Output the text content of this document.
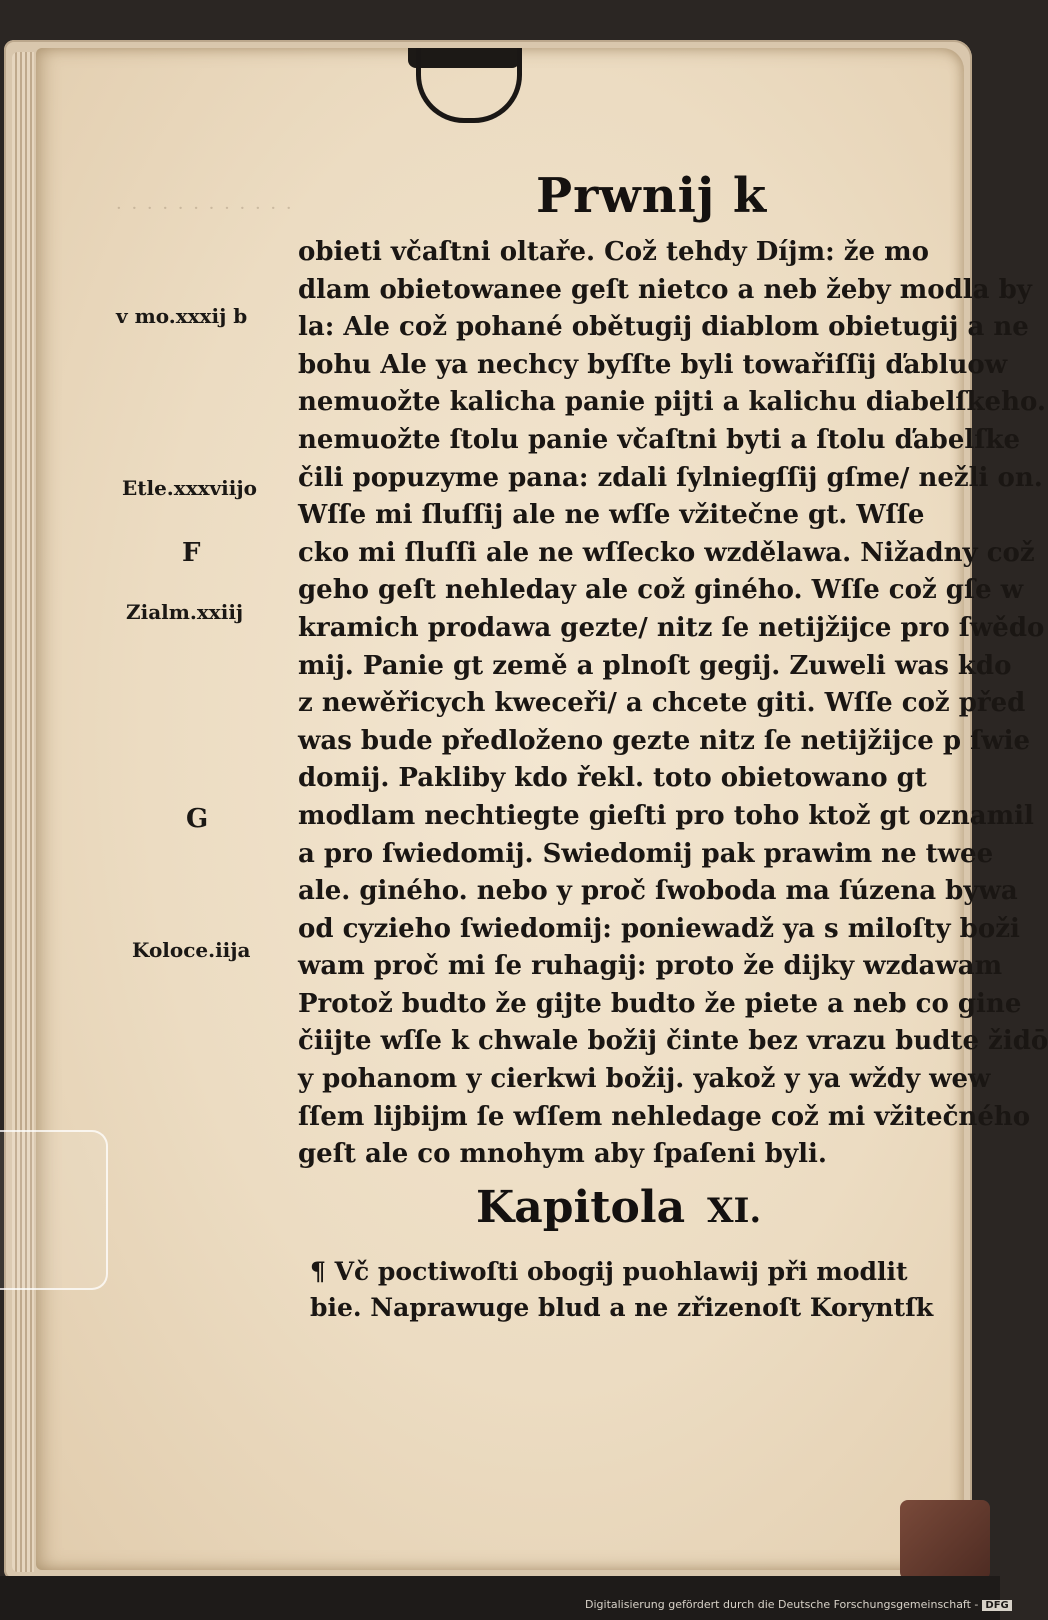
· · · · · · · · · · · ·	Prwnij k
v mo.xxxij b
Etle.xxxviijo
F
Zialm.xxiij
G
Koloce.iija
obieti včaſtni oltaře. Což tehdy Díjm: že mo
dlam obietowanee geſt nietco a neb žeby modla by
la: Ale což pohané obětugij diablom obietugij a ne
bohu Ale ya nechcy byſſte byli towařiſſij ďabluow
nemuožte kalicha panie pijti a kalichu diabelſkeho.
nemuožte ſtolu panie včaſtni byti a ſtolu ďabelſke
čili popuzyme pana: zdali ſylniegſſij gſme/ nežli on.
Wſſe mi ſluſſij ale ne wſſe vžitečne gt. Wſſe
cko mi ſluſſi ale ne wſſecko wzdělawa. Nižadny což
geho geſt nehleday ale což giného. Wſſe což gſe w
kramich prodawa gezte/ nitz ſe netijžijce pro ſwědo
mij. Panie gt země a plnoſt gegij. Zuweli was kdo
z newěřicych kweceři/ a chcete giti. Wſſe což před
was bude předloženo gezte nitz ſe netijžijce p ſwie
domij. Pakliby kdo řekl. toto obietowano gt
modlam nechtiegte gieſti pro toho ktož gt oznamil
a pro ſwiedomij. Swiedomij pak prawim ne twee
ale. giného. nebo y proč ſwoboda ma ſúzena bywa
od cyzieho ſwiedomij: poniewadž ya s miloſty boži
wam proč mi ſe ruhagij: proto že dijky wzdawam
Protož budto že gijte budto že piete a neb co gine
čiijte wſſe k chwale božij činte bez vrazu budte židō
y pohanom y cierkwi božij. yakož y ya wždy wew
ſſem lijbijm ſe wſſem nehledage což mi vžitečného
geſt ale co mnohym aby ſpaſeni byli.
Kapitola XI.
¶ Vč poctiwoſti obogij puohlawij při modlit
bie. Naprawuge blud a ne zřizenoſt Koryntſk
Digitalisierung gefördert durch die Deutsche Forschungsgemeinschaft - DFG
